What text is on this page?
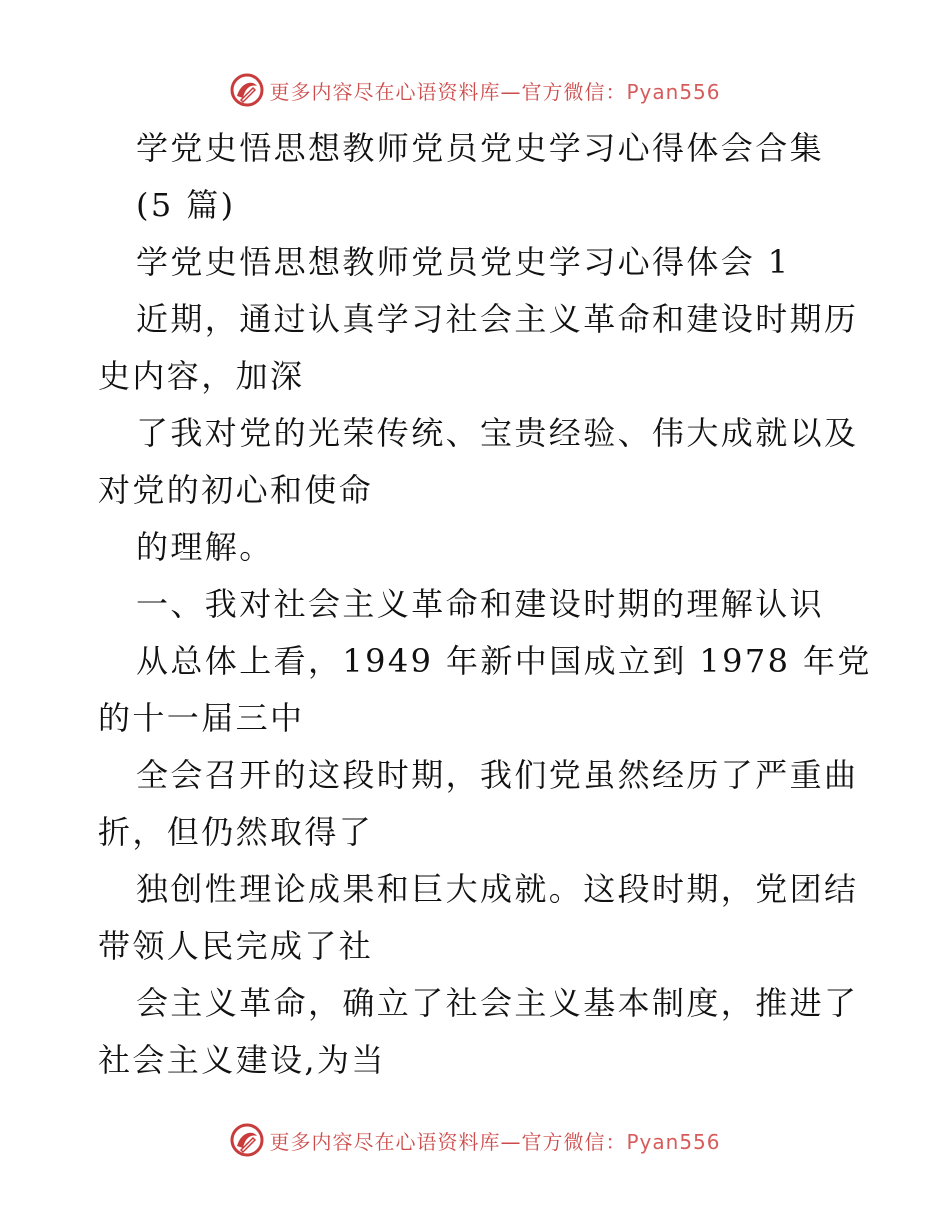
更多内容尽在心语资料库—官方微信：Pyan556
学党史悟思想教师党员党史学习心得体会合集
(5 篇)
学党史悟思想教师党员党史学习心得体会 1
近期，通过认真学习社会主义革命和建设时期历
史内容，加深
了我对党的光荣传统、宝贵经验、伟大成就以及
对党的初心和使命
的理解。
一、我对社会主义革命和建设时期的理解认识
从总体上看，1949 年新中国成立到 1978 年党
的十一届三中
全会召开的这段时期，我们党虽然经历了严重曲
折，但仍然取得了
独创性理论成果和巨大成就。这段时期，党团结
带领人民完成了社
会主义革命，确立了社会主义基本制度，推进了
社会主义建设,为当
更多内容尽在心语资料库—官方微信：Pyan556
